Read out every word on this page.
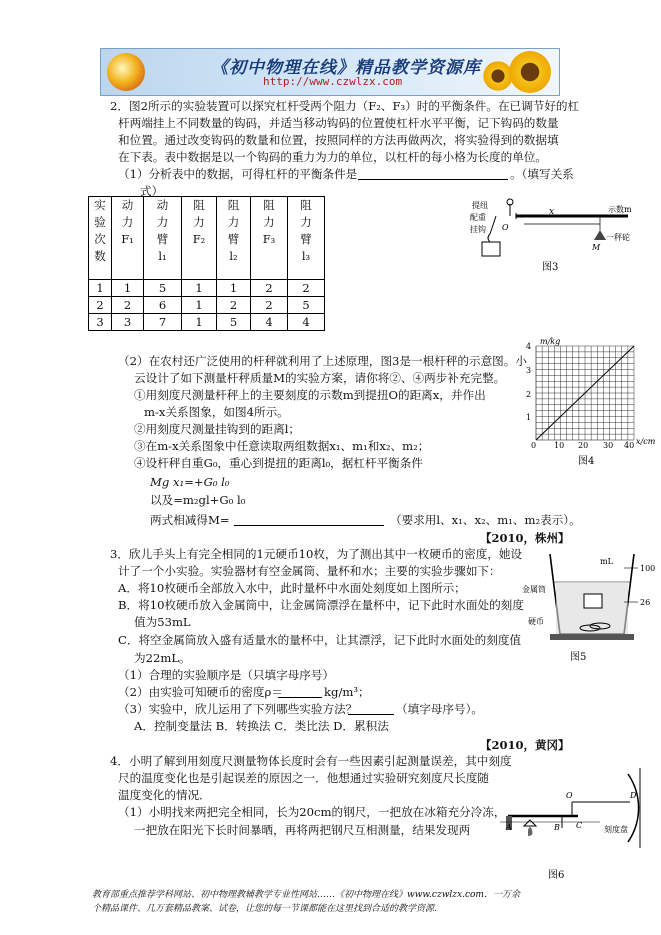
《初中物理在线》精品教学资源库
http://www.czwlzx.com
2．图2所示的实验装置可以探究杠杆受两个阻力（F₂、F₃）时的平衡条件。在已调节好的杠
杆两端挂上不同数量的钩码，并适当移动钩码的位置使杠杆水平平衡，记下钩码的数量
和位置。通过改变钩码的数量和位置，按照同样的方法再做两次，将实验得到的数据填
在下表。表中数据是以一个钩码的重力为力的单位，以杠杆的每小格为长度的单位。
（1）分析表中的数据，可得杠杆的平衡条件是	。（填写关系
式）
实
验
次
数	动
力
F₁	动
力
臂
l₁	阻
力
F₂	阻
力
臂
l₂	阻
力
F₃	阻
力
臂
l₃

1	1	5	1	1	2	2
2	2	6	1	2	2	5
3	3	7	1	5	4	4
x
提纽
配重
挂钩 O
示数m
M
一秤砣
图3
（2）在农村还广泛使用的杆秤就利用了上述原理，图3是一根杆秤的示意图。小
云设计了如下测量杆秤质量M的实验方案，请你将②、④两步补充完整。
①用刻度尺测量杆秤上的主要刻度的示数m到提扭O的距离x，并作出
m-x关系图象，如图4所示。
②用刻度尺测量挂钩到的距离l；
③在m-x关系图象中任意读取两组数据x₁、m₁和x₂、m₂；
④设杆秤自重G₀，重心到提扭的距离l₀，据杠杆平衡条件
Mg x₁=+G₀ l₀
以及=m₂gl+G₀ l₀
两式相减得M=	（要求用l、x₁、x₂、m₁、m₂表示）。
【2010，株州】
m/kg
x/cm
0 10 20 30 40
1
2
3
4
图4
3．欣儿手头上有完全相同的1元硬币10枚，为了测出其中一枚硬币的密度，她设
计了一个小实验。实验器材有空金属筒、量杯和水；主要的实验步骤如下：
A．将10枚硬币全部放入水中，此时量杯中水面处刻度如上图所示；
B．将10枚硬币放入金属筒中，让金属筒漂浮在量杯中，记下此时水面处的刻度
值为53mL
C．将空金属筒放入盛有适量水的量杯中，让其漂浮，记下此时水面处的刻度值
为22mL。
（1）合理的实验顺序是（只填字母序号）
（2）由实验可知硬币的密度ρ＝	kg/m³；
（3）实验中，欣儿运用了下列哪些实验方法？	（填字母序号）。
A．控制变量法 B．转换法 C．类比法 D．累积法
【2010，黄冈】
mL
100
金属筒
26
硬币
图5
4．小明了解到用刻度尺测量物体长度时会有一些因素引起测量误差，其中刻度
尺的温度变化也是引起误差的原因之一．他想通过实验研究刻度尺长度随
温度变化的情况．
（1）小明找来两把完全相同，长为20cm的钢尺，一把放在冰箱充分冷冻，
一把放在阳光下长时间暴晒，再将两把钢尺互相测量，结果发现两
O	D
A	B C	刻度盘
图6
教育部重点推荐学科网站、初中物理教辅教学专业性网站……《初中物理在线》www.czwlzx.com．一万余
个精品课件、几万套精品教案、试卷，让您的每一节课都能在这里找到合适的教学资源．
